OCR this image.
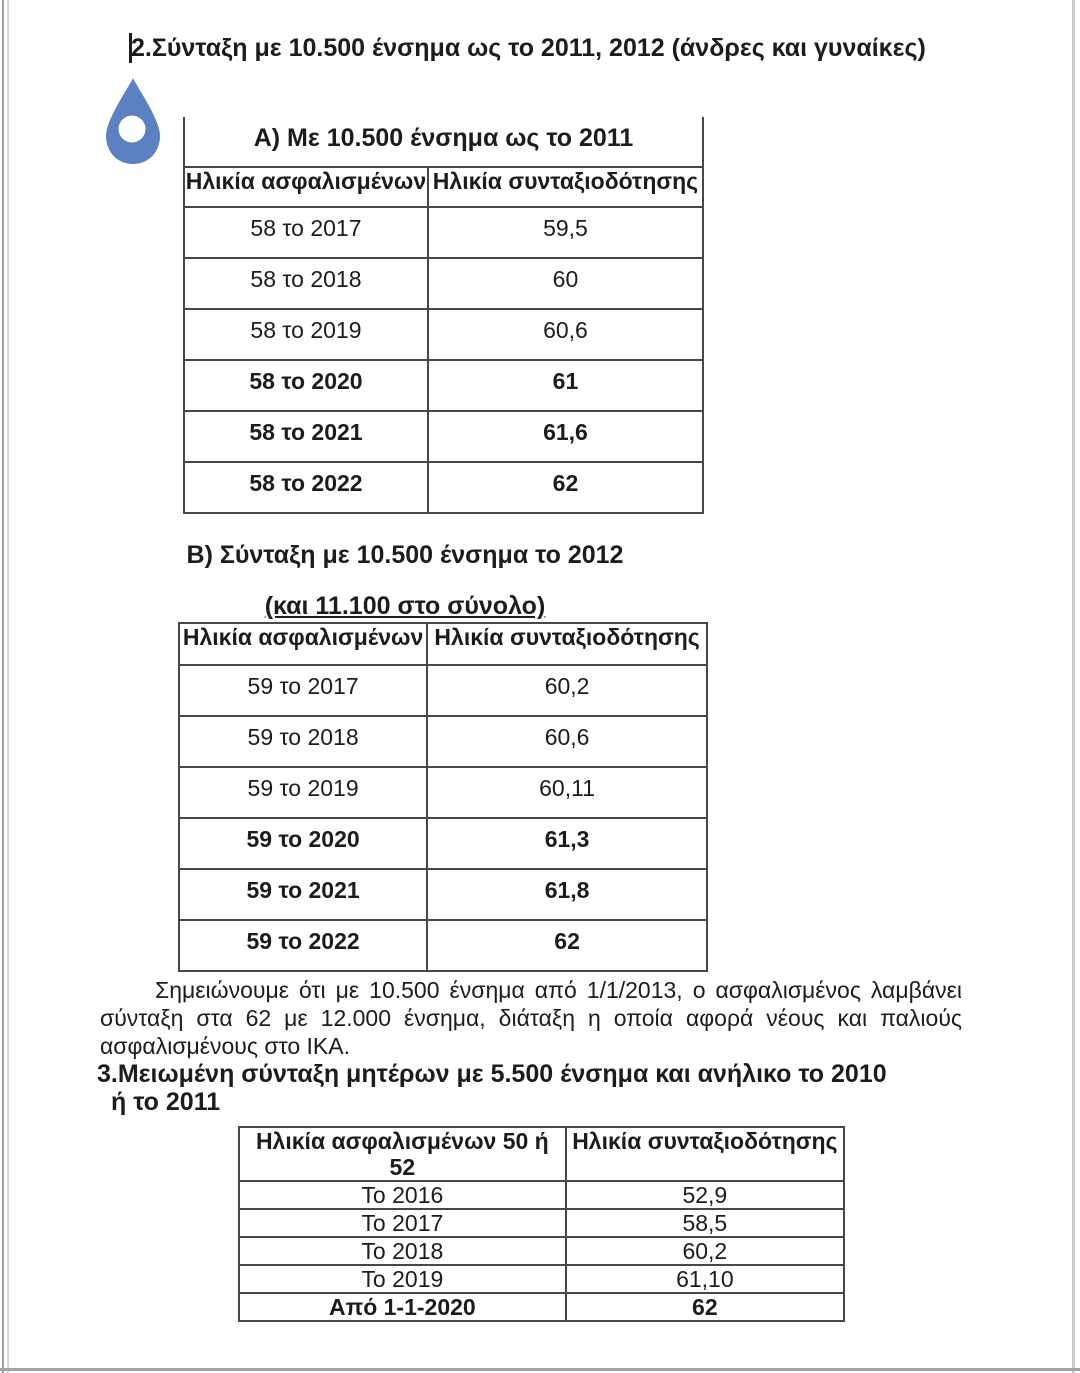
2.Σύνταξη με 10.500 ένσημα ως το 2011, 2012 (άνδρες και γυναίκες)
Α) Με 10.500 ένσημα ως το 2011	
Ηλικία ασφαλισμένων	Ηλικία συνταξιοδότησης
58 το 2017	59,5
58 το 2018	60
58 το 2019	60,6
58 το 2020	61
58 το 2021	61,6
58 το 2022	62
Β) Σύνταξη με 10.500 ένσημα το 2012
(και 11.100 στο σύνολο)
Ηλικία ασφαλισμένων	Ηλικία συνταξιοδότησης
59 το 2017	60,2
59 το 2018	60,6
59 το 2019	60,11
59 το 2020	61,3
59 το 2021	61,8
59 το 2022	62
Σημειώνουμε ότι με 10.500 ένσημα από 1/1/2013, ο ασφαλισμένος λαμβάνει
σύνταξη στα 62 με 12.000 ένσημα, διάταξη η οποία αφορά νέους και παλιούς
ασφαλισμένους στο ΙΚΑ.
3.Μειωμένη σύνταξη μητέρων με 5.500 ένσημα και ανήλικο το 2010
ή το 2011
Ηλικία ασφαλισμένων 50 ή 52	Ηλικία συνταξιοδότησης
Το 2016	52,9
Το 2017	58,5
Το 2018	60,2
Το 2019	61,10
Από 1-1-2020	62
